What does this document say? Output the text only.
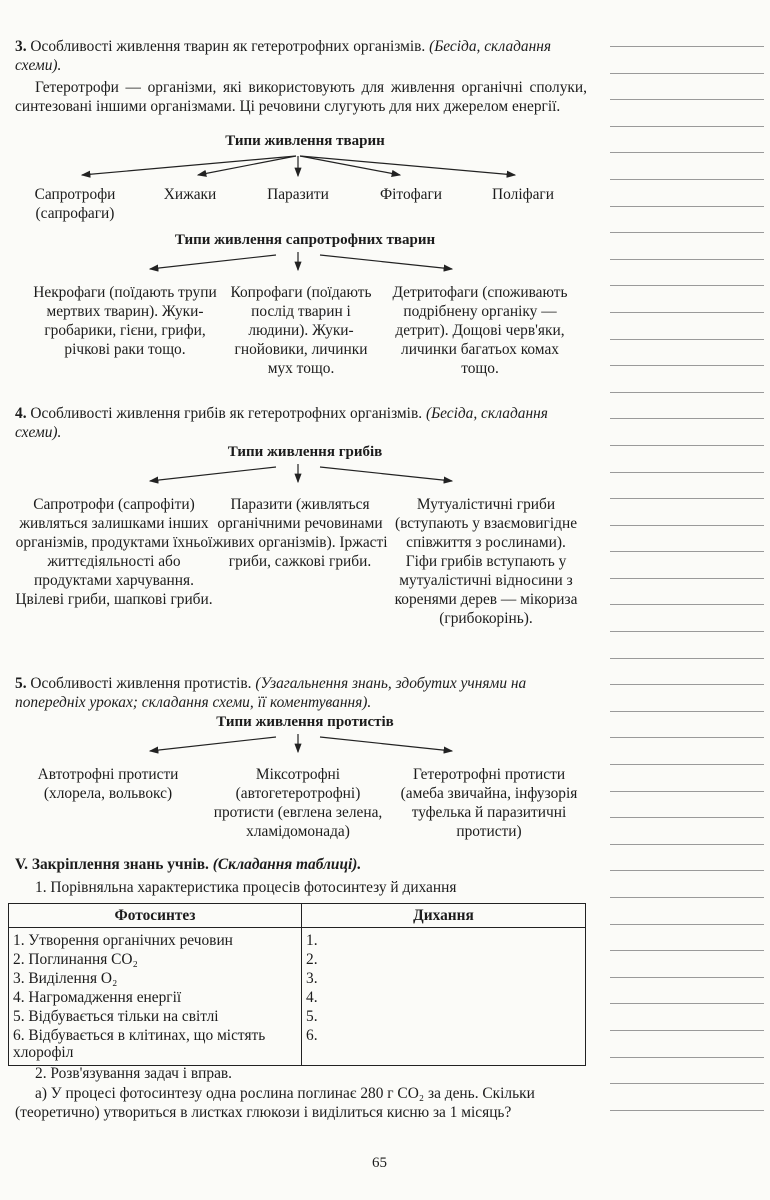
3. Особливості живлення тварин як гетеротрофних організмів. (Бесіда, складання схеми).
Гетеротрофи — організми, які використовують для живлення органічні сполуки, синтезовані іншими організмами. Ці речовини слугують для них джерелом енергії.
Типи живлення тварин
Сапротрофи (сапрофаги)
Хижаки	Паразити	Фітофаги	Поліфаги
Типи живлення сапротрофних тварин
Некрофаги (поїдають трупи мертвих тварин). Жуки-гробарики, гієни, грифи, річкові раки тощо.
Копрофаги (поїдають послід тварин і людини). Жуки-гнойовики, личинки мух тощо.
Детритофаги (споживають подрібнену органіку — детрит). Дощові черв'яки, личинки багатьох комах тощо.
4. Особливості живлення грибів як гетеротрофних організмів. (Бесіда, складання схеми).
Типи живлення грибів
Сапротрофи (сапрофіти) живляться залишками інших організмів, продуктами їхньої життєдіяльності або продуктами харчування. Цвілеві гриби, шапкові гриби.
Паразити (живляться органічними речовинами живих організмів). Іржасті гриби, сажкові гриби.
Мутуалістичні гриби (вступають у взаємовигідне співжиття з рослинами). Гіфи грибів вступають у мутуалістичні відносини з коренями дерев — мікориза (грибокорінь).
5. Особливості живлення протистів. (Узагальнення знань, здобутих учнями на попередніх уроках; складання схеми, її коментування).
Типи живлення протистів
Автотрофні протисти (хлорела, вольвокс)
Міксотрофні (автогетеротрофні) протисти (евглена зелена, хламідомонада)
Гетеротрофні протисти (амеба звичайна, інфузорія туфелька й паразитичні протисти)
V. Закріплення знань учнів. (Складання таблиці).
1. Порівняльна характеристика процесів фотосинтезу й дихання
Фотосинтез	Дихання
1. Утворення органічних речовин	1.
2. Поглинання CO₂	2.
3. Виділення O₂	3.
4. Нагромадження енергії	4.
5. Відбувається тільки на світлі	5.
6. Відбувається в клітинах, що містять хлорофіл	6.
2. Розв'язування задач і вправ.
а) У процесі фотосинтезу одна рослина поглинає 280 г CO₂ за день. Скільки (теоретично) утвориться в листках глюкози і виділиться кисню за 1 місяць?
65
